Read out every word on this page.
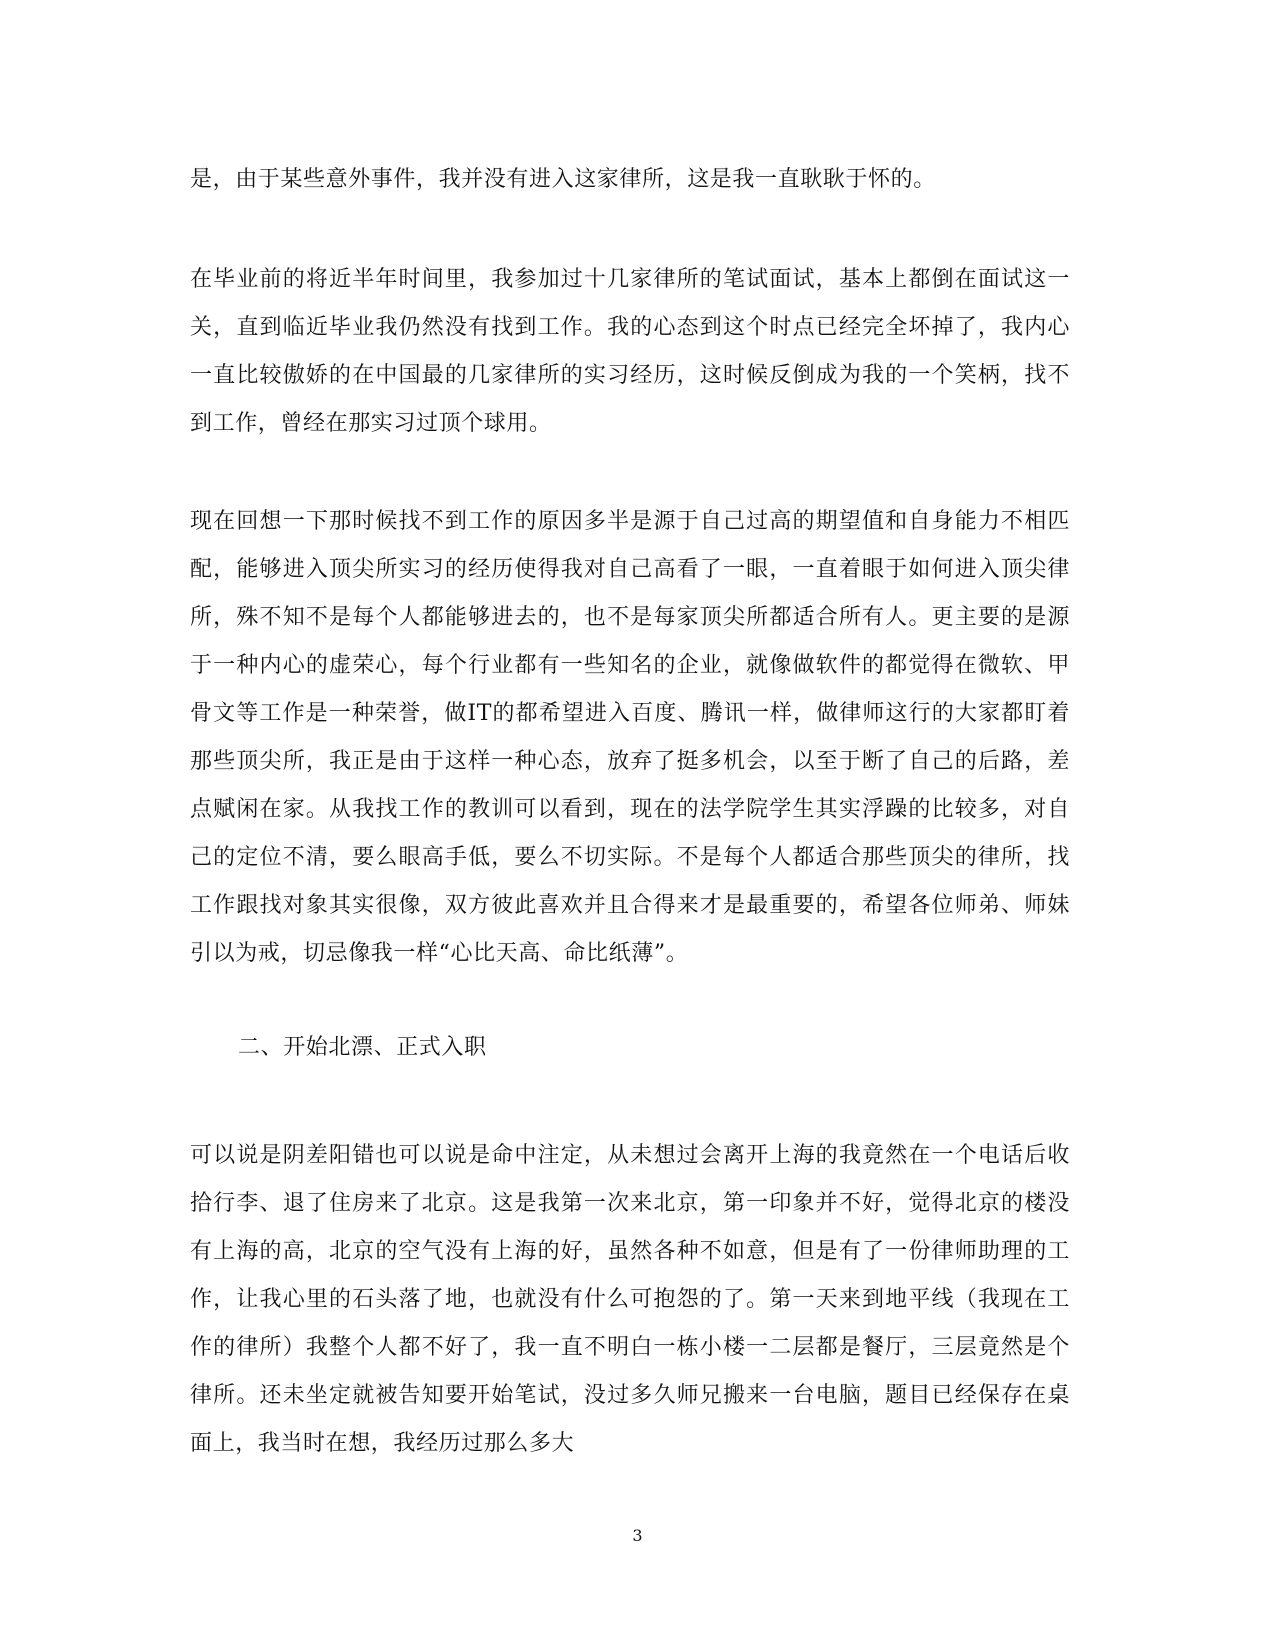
是，由于某些意外事件，我并没有进入这家律所，这是我一直耿耿于怀的。

在毕业前的将近半年时间里，我参加过十几家律所的笔试面试，基本上都倒在面试这一关，直到临近毕业我仍然没有找到工作。我的心态到这个时点已经完全坏掉了，我内心一直比较傲娇的在中国最的几家律所的实习经历，这时候反倒成为我的一个笑柄，找不到工作，曾经在那实习过顶个球用。

现在回想一下那时候找不到工作的原因多半是源于自己过高的期望值和自身能力不相匹配，能够进入顶尖所实习的经历使得我对自己高看了一眼，一直着眼于如何进入顶尖律所，殊不知不是每个人都能够进去的，也不是每家顶尖所都适合所有人。更主要的是源于一种内心的虚荣心，每个行业都有一些知名的企业，就像做软件的都觉得在微软、甲骨文等工作是一种荣誉，做IT的都希望进入百度、腾讯一样，做律师这行的大家都盯着那些顶尖所，我正是由于这样一种心态，放弃了挺多机会，以至于断了自己的后路，差点赋闲在家。从我找工作的教训可以看到，现在的法学院学生其实浮躁的比较多，对自己的定位不清，要么眼高手低，要么不切实际。不是每个人都适合那些顶尖的律所，找工作跟找对象其实很像，双方彼此喜欢并且合得来才是最重要的，希望各位师弟、师妹引以为戒，切忌像我一样“心比天高、命比纸薄”。

二、开始北漂、正式入职

可以说是阴差阳错也可以说是命中注定，从未想过会离开上海的我竟然在一个电话后收拾行李、退了住房来了北京。这是我第一次来北京，第一印象并不好，觉得北京的楼没有上海的高，北京的空气没有上海的好，虽然各种不如意，但是有了一份律师助理的工作，让我心里的石头落了地，也就没有什么可抱怨的了。第一天来到地平线（我现在工作的律所）我整个人都不好了，我一直不明白一栋小楼一二层都是餐厅，三层竟然是个律所。还未坐定就被告知要开始笔试，没过多久师兄搬来一台电脑，题目已经保存在桌面上，我当时在想，我经历过那么多大

3
